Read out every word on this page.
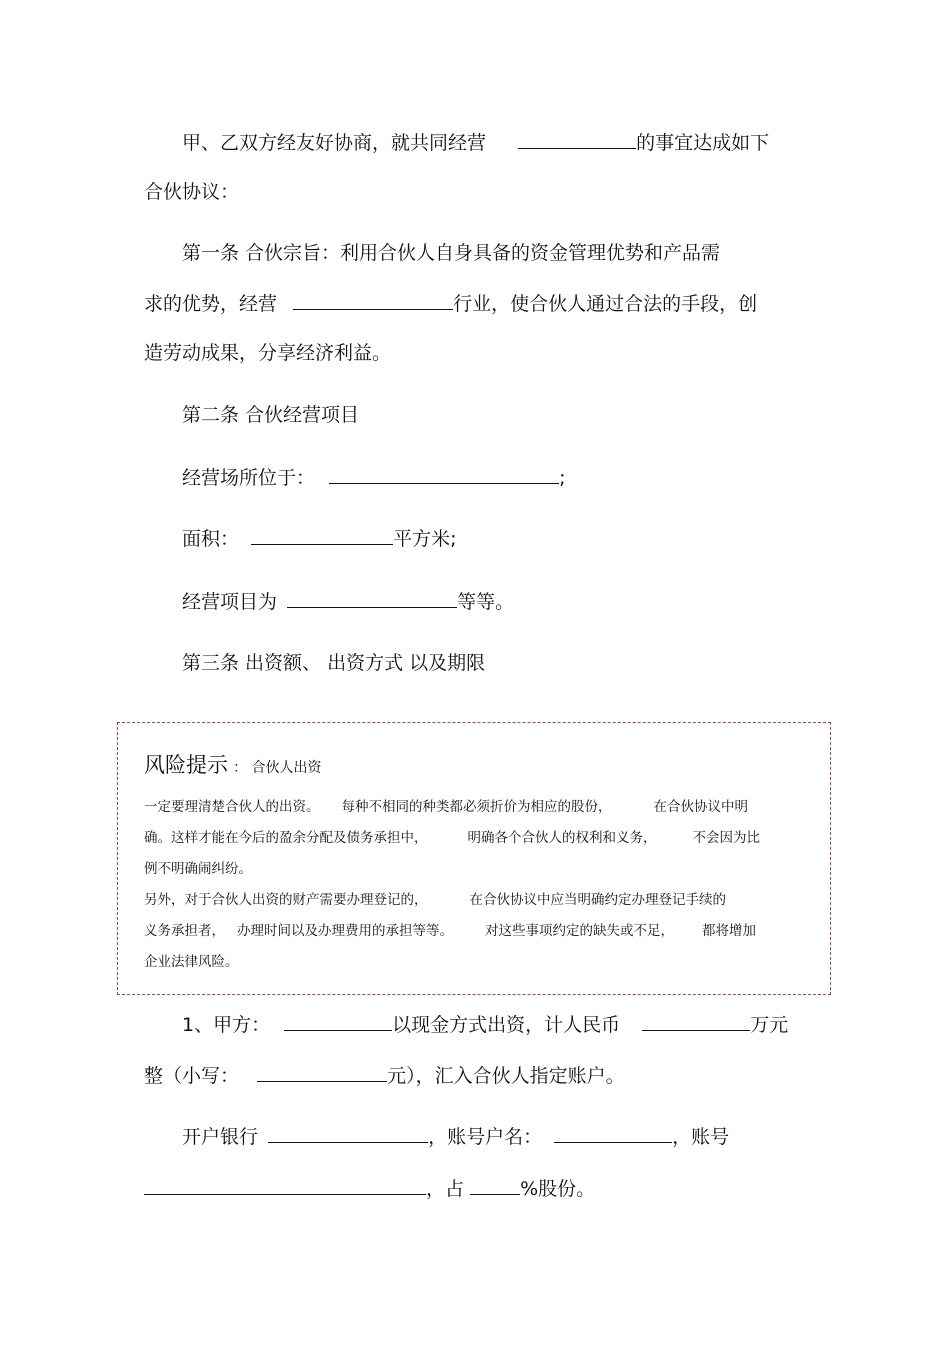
甲、乙双方经友好协商，就共同经营	的事宜达成如下
合伙协议：
第一条 合伙宗旨：利用合伙人自身具备的资金管理优势和产品需
求的优势，经营	行业，使合伙人通过合法的手段，创
造劳动成果，分享经济利益。
第二条 合伙经营项目
经营场所位于：	;
面积：	平方米;
经营项目为	等等。
第三条 出资额、 出资方式 以及期限
风险提示 ： 合伙人出资
一定要理清楚合伙人的出资。 每种不相同的种类都必须折价为相应的股份，	在合伙协议中明
确。这样才能在今后的盈余分配及债务承担中，	明确各个合伙人的权利和义务，	不会因为比
例不明确闹纠纷。
另外，对于合伙人出资的财产需要办理登记的，	在合伙协议中应当明确约定办理登记手续的
义务承担者， 办理时间以及办理费用的承担等等。 对这些事项约定的缺失或不足， 都将增加
企业法律风险。
1、甲方：	以现金方式出资，计人民币	万元
整（小写：	元），汇入合伙人指定账户。
开户银行	，账号户名：	，账号
，占	%股份。
